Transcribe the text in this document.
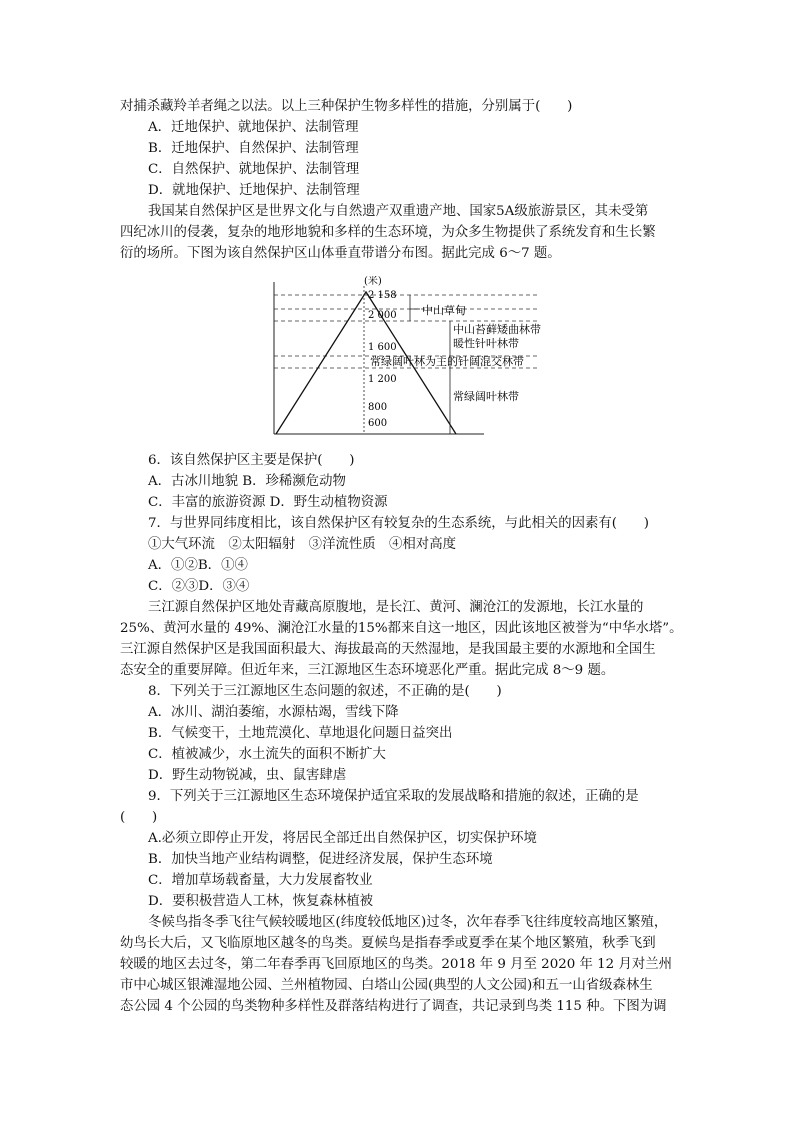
对捕杀藏羚羊者绳之以法。以上三种保护生物多样性的措施，分别属于(　　)
A．迁地保护、就地保护、法制管理
B．迁地保护、自然保护、法制管理
C．自然保护、就地保护、法制管理
D．就地保护、迁地保护、法制管理
我国某自然保护区是世界文化与自然遗产双重遗产地、国家5A级旅游景区，其未受第
四纪冰川的侵袭，复杂的地形地貌和多样的生态环境，为众多生物提供了系统发育和生长繁
衍的场所。下图为该自然保护区山体垂直带谱分布图。据此完成 6～7 题。
(米)
2 158
2 000
1 600
1 200
800
600
中山草甸
中山苔藓矮曲林带
暖性针叶林带
常绿阔叶林为主的针阔混交林带
常绿阔叶林带
6．该自然保护区主要是保护(　　)
A．古冰川地貌 B．珍稀濒危动物
C．丰富的旅游资源 D．野生动植物资源
7．与世界同纬度相比，该自然保护区有较复杂的生态系统，与此相关的因素有(　　)
①大气环流　②太阳辐射　③洋流性质　④相对高度
A．①②B．①④
C．②③D．③④
三江源自然保护区地处青藏高原腹地，是长江、黄河、澜沧江的发源地，长江水量的
25%、黄河水量的 49%、澜沧江水量的15%都来自这一地区，因此该地区被誉为“中华水塔”。
三江源自然保护区是我国面积最大、海拔最高的天然湿地，是我国最主要的水源地和全国生
态安全的重要屏障。但近年来，三江源地区生态环境恶化严重。据此完成 8～9 题。
8．下列关于三江源地区生态问题的叙述，不正确的是(　　)
A．冰川、湖泊萎缩，水源枯竭，雪线下降
B．气候变干，土地荒漠化、草地退化问题日益突出
C．植被减少，水土流失的面积不断扩大
D．野生动物锐减，虫、鼠害肆虐
9．下列关于三江源地区生态环境保护适宜采取的发展战略和措施的叙述，正确的是
(　　)
A.必须立即停止开发，将居民全部迁出自然保护区，切实保护环境
B．加快当地产业结构调整，促进经济发展，保护生态环境
C．增加草场载畜量，大力发展畜牧业
D．要积极营造人工林，恢复森林植被
冬候鸟指冬季飞往气候较暖地区(纬度较低地区)过冬，次年春季飞往纬度较高地区繁殖，
幼鸟长大后，又飞临原地区越冬的鸟类。夏候鸟是指春季或夏季在某个地区繁殖，秋季飞到
较暖的地区去过冬，第二年春季再飞回原地区的鸟类。2018 年 9 月至 2020 年 12 月对兰州
市中心城区银滩湿地公园、兰州植物园、白塔山公园(典型的人文公园)和五一山省级森林生
态公园 4 个公园的鸟类物种多样性及群落结构进行了调查，共记录到鸟类 115 种。下图为调
